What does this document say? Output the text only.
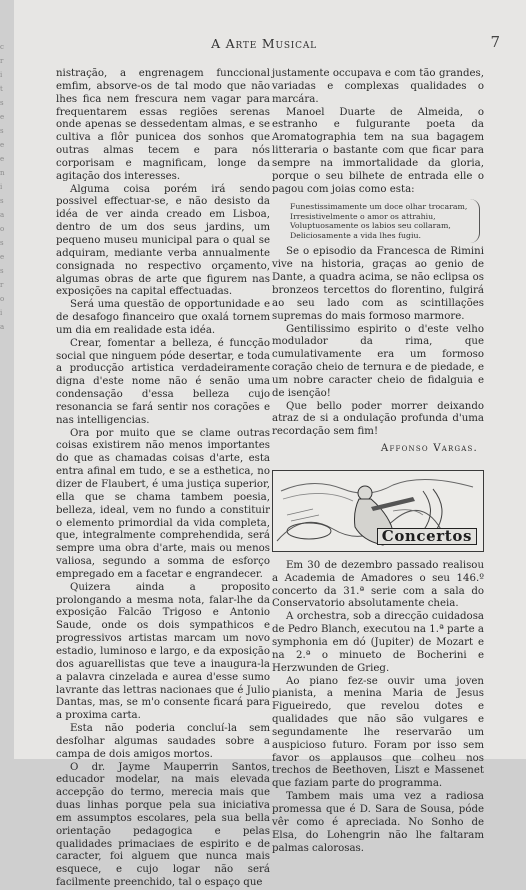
c
r
i
t
s
e
s
e
e
n
i
s
a
o
s
e
s
r
o
i
a
A Arte Musical	7

nistração, a engrenagem funccional emfim, absorve-os de tal modo que não lhes fica nem frescura nem vagar para frequentarem essas regiões serenas onde apenas se dessedentam almas, e se cultiva a flôr punicea dos sonhos que outras almas tecem e para nós corporisam e magnificam, longe da agitação dos interesses.

Alguma coisa porém irá sendo possivel effectuar-se, e não desisto da idéa de ver ainda creado em Lisboa, dentro de um dos seus jardins, um pequeno museu municipal para o qual se adquiram, mediante verba annualmente consignada no respectivo orçamento, algumas obras de arte que figurem nas exposições na capital effectuadas.

Será uma questão de opportunidade e de desafogo financeiro que oxalá tornem um dia em realidade esta idéa.

Crear, fomentar a belleza, é funcção social que ninguem póde desertar, e toda a producção artistica verdadeiramente digna d'este nome não é senão uma condensação d'essa belleza cujo resonancia se fará sentir nos corações e nas intelligencias.

Ora por muito que se clame outras coisas existirem não menos importantes do que as chamadas coisas d'arte, esta entra afinal em tudo, e se a esthetica, no dizer de Flaubert, é uma justiça superior, ella que se chama tambem poesia, belleza, ideal, vem no fundo a constituir o elemento primordial da vida completa, que, integralmente comprehendida, será sempre uma obra d'arte, mais ou menos valiosa, segundo a somma de esforço empregado em a facetar e engrandecer.

Quizera ainda a proposito prolongando a mesma nota, falar-lhe da exposição Falcão Trigoso e Antonio Saude, onde os dois sympathicos e progressivos artistas marcam um novo estadio, luminoso e largo, e da exposição dos aguarellistas que teve a inaugura-la a palavra cinzelada e aurea d'esse sumo lavrante das lettras nacionaes que é Julio Dantas, mas, se m'o consente ficará para a proxima carta.

Esta não poderia concluí-la sem desfolhar algumas saudades sobre a campa de dois amigos mortos.

O dr. Jayme Mauperrin Santos, educador modelar, na mais elevada accepção do termo, merecia mais que duas linhas porque pela sua iniciativa em assumptos escolares, pela sua bella orientação pedagogica e pelas qualidades primaciaes de espirito e de caracter, foi alguem que nunca mais esquece, e cujo logar não será facilmente preenchido, tal o espaço que

justamente occupava e com tão grandes, variadas e complexas qualidades o marcára.

Manoel Duarte de Almeida, o estranho e fulgurante poeta da Aromatographia tem na sua bagagem litteraria o bastante com que ficar para sempre na immortalidade da gloria, porque o seu bilhete de entrada elle o pagou com joias como esta:

Funestissimamente um doce olhar trocaram,
Irresistivelmente o amor os attrahiu,
Voluptuosamente os labios seu collaram,
Deliciosamente a vida lhes fugiu.

Se o episodio da Francesca de Rimini vive na historia, graças ao genio de Dante, a quadra acima, se não eclipsa os bronzeos tercettos do florentino, fulgirá ao seu lado com as scintillações supremas do mais formoso marmore.

Gentilissimo espirito o d'este velho modulador da rima, que cumulativamente era um formoso coração cheio de ternura e de piedade, e um nobre caracter cheio de fidalguia e de isenção!

Que bello poder morrer deixando atraz de si a ondulação profunda d'uma recordação sem fim!

Affonso Vargas.
Concertos

Em 30 de dezembro passado realisou a Academia de Amadores o seu 146.º concerto da 31.ª serie com a sala do Conservatorio absolutamente cheia.

A orchestra, sob a direcção cuidadosa de Pedro Blanch, executou na 1.ª parte a symphonia em dó (Jupiter) de Mozart e na 2.ª o minueto de Bocherini e Herzwunden de Grieg.

Ao piano fez-se ouvir uma joven pianista, a menina Maria de Jesus Figueiredo, que revelou dotes e qualidades que não são vulgares e segundamente lhe reservarão um auspicioso futuro. Foram por isso sem favor os applausos que colheu nos trechos de Beethoven, Liszt e Massenet que faziam parte do programma.

Tambem mais uma vez a radiosa promessa que é D. Sara de Sousa, póde vêr como é apreciada. No Sonho de Elsa, do Lohengrin não lhe faltaram palmas calorosas.
